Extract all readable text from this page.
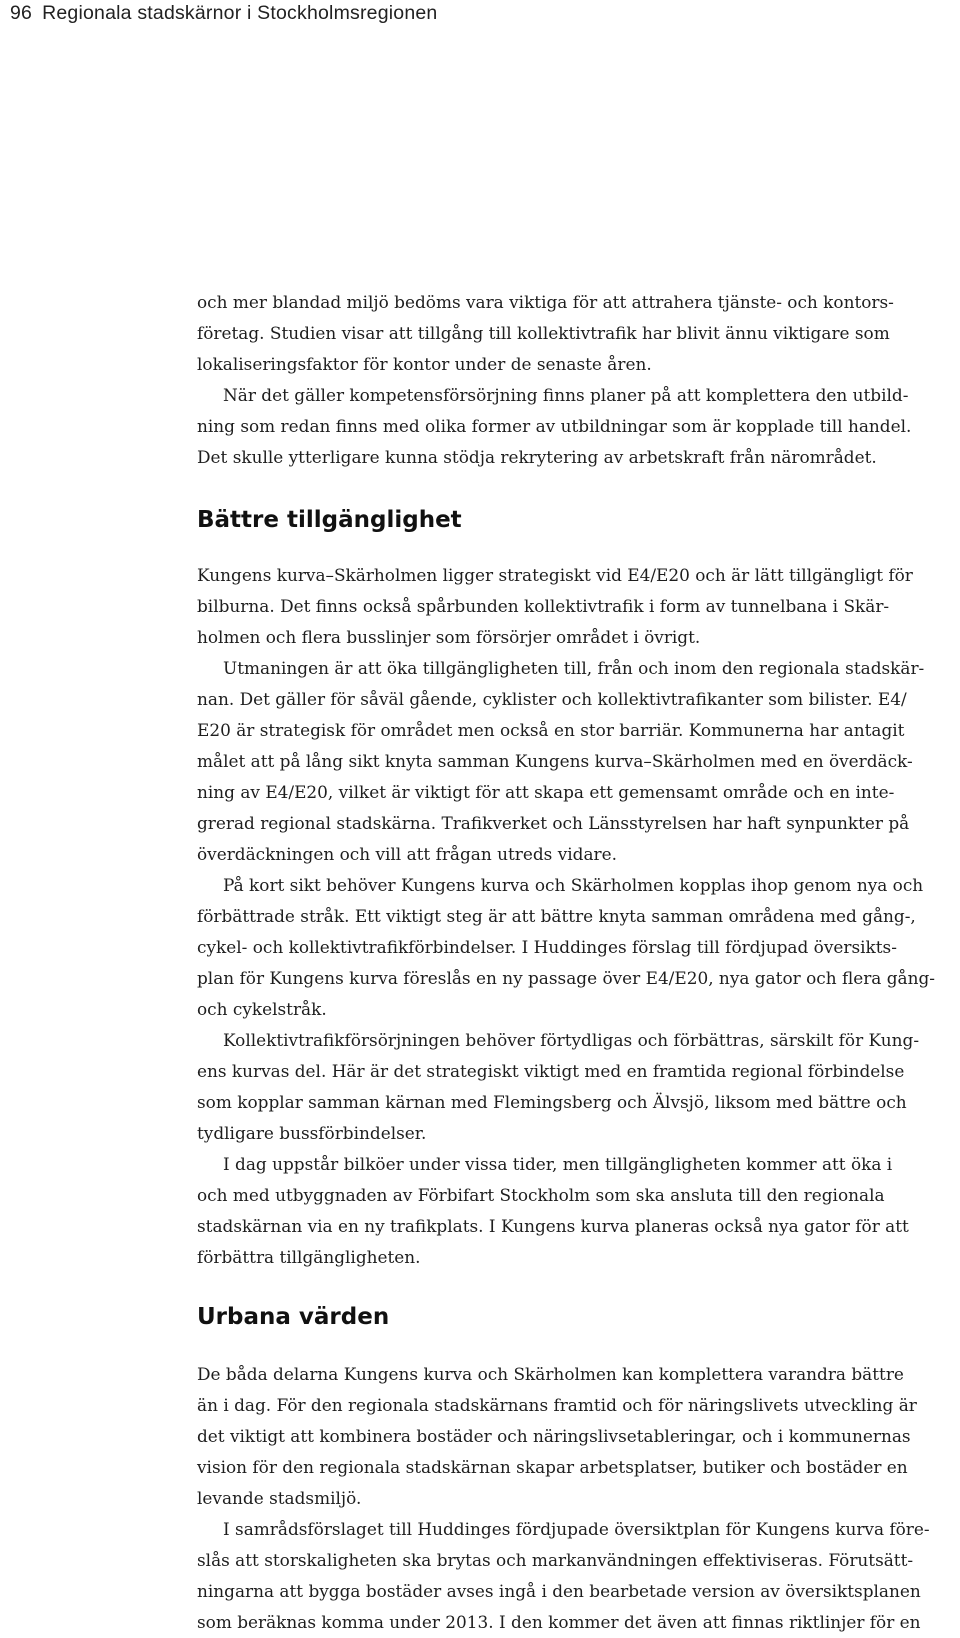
96 Regionala stadskärnor i Stockholmsregionen
och mer blandad miljö bedöms vara viktiga för att attrahera tjänste- och kontors-
företag. Studien visar att tillgång till kollektivtrafik har blivit ännu viktigare som
lokaliseringsfaktor för kontor under de senaste åren.
När det gäller kompetensförsörjning finns planer på att komplettera den utbild-
ning som redan finns med olika former av utbildningar som är kopplade till handel.
Det skulle ytterligare kunna stödja rekrytering av arbetskraft från närområdet.
Bättre tillgänglighet
Kungens kurva–Skärholmen ligger strategiskt vid E4/E20 och är lätt tillgängligt för
bilburna. Det finns också spårbunden kollektivtrafik i form av tunnelbana i Skär-
holmen och flera busslinjer som försörjer området i övrigt.
Utmaningen är att öka tillgängligheten till, från och inom den regionala stadskär-
nan. Det gäller för såväl gående, cyklister och kollektivtrafikanter som bilister. E4/
E20 är strategisk för området men också en stor barriär. Kommunerna har antagit
målet att på lång sikt knyta samman Kungens kurva–Skärholmen med en överdäck-
ning av E4/E20, vilket är viktigt för att skapa ett gemensamt område och en inte-
grerad regional stadskärna. Trafikverket och Länsstyrelsen har haft synpunkter på
överdäckningen och vill att frågan utreds vidare.
På kort sikt behöver Kungens kurva och Skärholmen kopplas ihop genom nya och
förbättrade stråk. Ett viktigt steg är att bättre knyta samman områdena med gång-,
cykel- och kollektivtrafikförbindelser. I Huddinges förslag till fördjupad översikts-
plan för Kungens kurva föreslås en ny passage över E4/E20, nya gator och flera gång-
och cykelstråk.
Kollektivtrafikförsörjningen behöver förtydligas och förbättras, särskilt för Kung-
ens kurvas del. Här är det strategiskt viktigt med en framtida regional förbindelse
som kopplar samman kärnan med Flemingsberg och Älvsjö, liksom med bättre och
tydligare bussförbindelser.
I dag uppstår bilköer under vissa tider, men tillgängligheten kommer att öka i
och med utbyggnaden av Förbifart Stockholm som ska ansluta till den regionala
stadskärnan via en ny trafikplats. I Kungens kurva planeras också nya gator för att
förbättra tillgängligheten.
Urbana värden
De båda delarna Kungens kurva och Skärholmen kan komplettera varandra bättre
än i dag. För den regionala stadskärnans framtid och för näringslivets utveckling är
det viktigt att kombinera bostäder och näringslivsetableringar, och i kommunernas
vision för den regionala stadskärnan skapar arbetsplatser, butiker och bostäder en
levande stadsmiljö.
I samrådsförslaget till Huddinges fördjupade översiktplan för Kungens kurva före-
slås att storskaligheten ska brytas och markanvändningen effektiviseras. Förutsätt-
ningarna att bygga bostäder avses ingå i den bearbetade version av översiktsplanen
som beräknas komma under 2013. I den kommer det även att finnas riktlinjer för en
